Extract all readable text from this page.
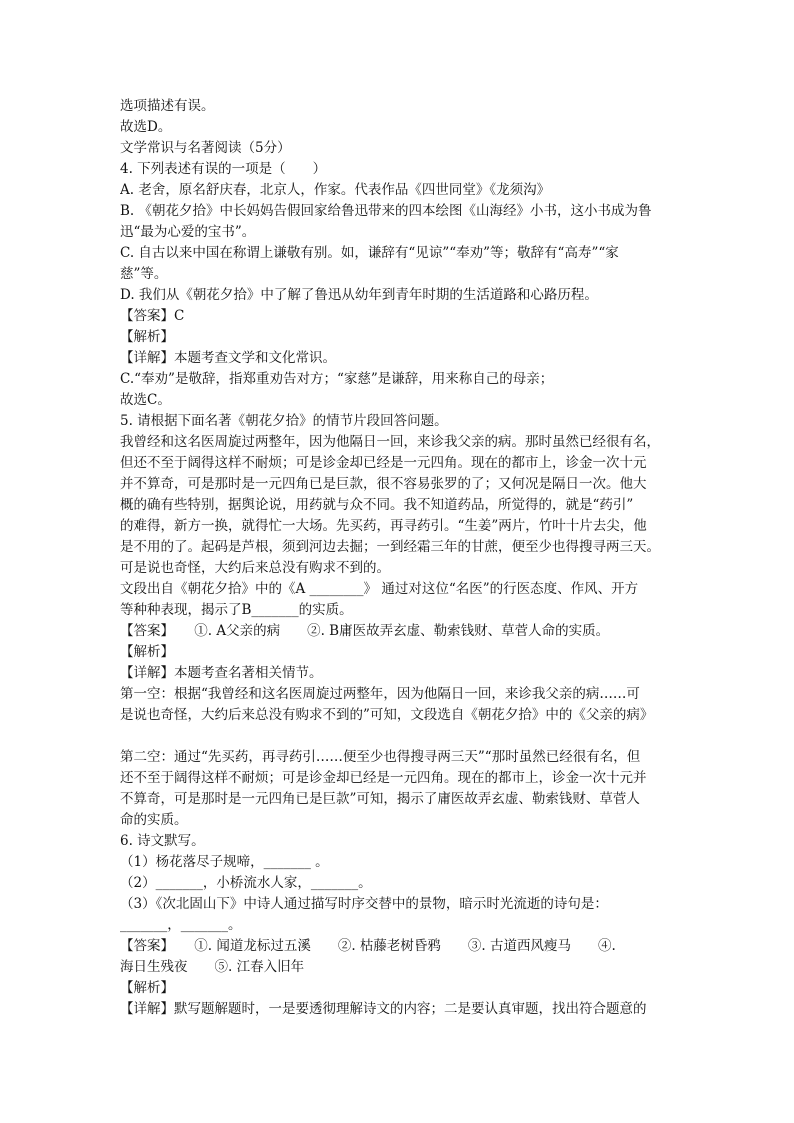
选项描述有误。
故选D。
文学常识与名著阅读（5分）
4. 下列表述有误的一项是（　　）
A. 老舍，原名舒庆春，北京人，作家。代表作品《四世同堂》《龙须沟》
B. 《朝花夕拾》中长妈妈告假回家给鲁迅带来的四本绘图《山海经》小书，这小书成为鲁
迅“最为心爱的宝书”。
C. 自古以来中国在称谓上谦敬有别。如，谦辞有“见谅”“奉劝”等；敬辞有“高寿”“家
慈”等。
D. 我们从《朝花夕拾》中了解了鲁迅从幼年到青年时期的生活道路和心路历程。
【答案】C
【解析】
【详解】本题考查文学和文化常识。
C.“奉劝”是敬辞，指郑重劝告对方；“家慈”是谦辞，用来称自己的母亲；
故选C。
5. 请根据下面名著《朝花夕拾》的情节片段回答问题。
我曾经和这名医周旋过两整年，因为他隔日一回，来诊我父亲的病。那时虽然已经很有名，
但还不至于阔得这样不耐烦；可是诊金却已经是一元四角。现在的都市上，诊金一次十元
并不算奇，可是那时是一元四角已是巨款，很不容易张罗的了；又何况是隔日一次。他大
概的确有些特别，据舆论说，用药就与众不同。我不知道药品，所觉得的，就是“药引”
的难得，新方一换，就得忙一大场。先买药，再寻药引。“生姜”两片，竹叶十片去尖，他
是不用的了。起码是芦根，须到河边去掘；一到经霜三年的甘蔗，便至少也得搜寻两三天。
可是说也奇怪，大约后来总没有购求不到的。
文段出自《朝花夕拾》中的《A ________》 通过对这位“名医”的行医态度、作风、开方
等种种表现，揭示了B_______的实质。
【答案】　　①. A父亲的病　　②. B庸医故弄玄虚、勒索钱财、草菅人命的实质。
【解析】
【详解】本题考查名著相关情节。
第一空：根据“我曾经和这名医周旋过两整年，因为他隔日一回，来诊我父亲的病……可
是说也奇怪，大约后来总没有购求不到的”可知，文段选自《朝花夕拾》中的《父亲的病》
第二空：通过“先买药，再寻药引……便至少也得搜寻两三天”“那时虽然已经很有名，但
还不至于阔得这样不耐烦；可是诊金却已经是一元四角。现在的都市上，诊金一次十元并
不算奇，可是那时是一元四角已是巨款”可知，揭示了庸医故弄玄虚、勒索钱财、草菅人
命的实质。
6. 诗文默写。
（1）杨花落尽子规啼，_______ 。
（2）_______，小桥流水人家，_______。
（3）《次北固山下》中诗人通过描写时序交替中的景物，暗示时光流逝的诗句是：
_______，_______。
【答案】　　①. 闻道龙标过五溪　　②. 枯藤老树昏鸦　　③. 古道西风瘦马　　④.
海日生残夜　　⑤. 江春入旧年
【解析】
【详解】默写题解题时，一是要透彻理解诗文的内容；二是要认真审题，找出符合题意的
